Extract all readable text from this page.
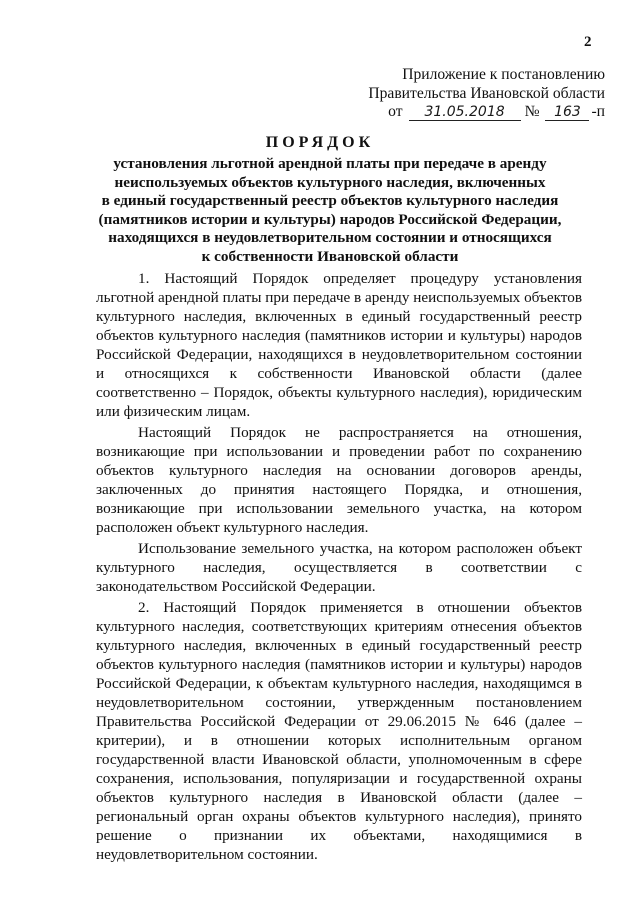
2
Приложение к постановлению
Правительства Ивановской области
от	31.05.2018	№	163 -п
ПОРЯДОК
установления льготной арендной платы при передаче в аренду
неиспользуемых объектов культурного наследия, включенных
в единый государственный реестр объектов культурного наследия
(памятников истории и культуры) народов Российской Федерации,
находящихся в неудовлетворительном состоянии и относящихся
к собственности Ивановской области

1. Настоящий Порядок определяет процедуру установления льготной арендной платы при передаче в аренду неиспользуемых объектов культурного наследия, включенных в единый государственный реестр объектов культурного наследия (памятников истории и культуры) народов Российской Федерации, находящихся в неудовлетворительном состоянии и относящихся к собственности Ивановской области (далее соответственно – Порядок, объекты культурного наследия), юридическим или физическим лицам.

Настоящий Порядок не распространяется на отношения, возникающие при использовании и проведении работ по сохранению объектов культурного наследия на основании договоров аренды, заключенных до принятия настоящего Порядка, и отношения, возникающие при использовании земельного участка, на котором расположен объект культурного наследия.

Использование земельного участка, на котором расположен объект культурного наследия, осуществляется в соответствии с законодательством Российской Федерации.

2. Настоящий Порядок применяется в отношении объектов культурного наследия, соответствующих критериям отнесения объектов культурного наследия, включенных в единый государственный реестр объектов культурного наследия (памятников истории и культуры) народов Российской Федерации, к объектам культурного наследия, находящимся в неудовлетворительном состоянии, утвержденным постановлением Правительства Российской Федерации от 29.06.2015 № 646 (далее – критерии), и в отношении которых исполнительным органом государственной власти Ивановской области, уполномоченным в сфере сохранения, использования, популяризации и государственной охраны объектов культурного наследия в Ивановской области (далее – региональный орган охраны объектов культурного наследия), принято решение о признании их объектами, находящимися в неудовлетворительном состоянии.
